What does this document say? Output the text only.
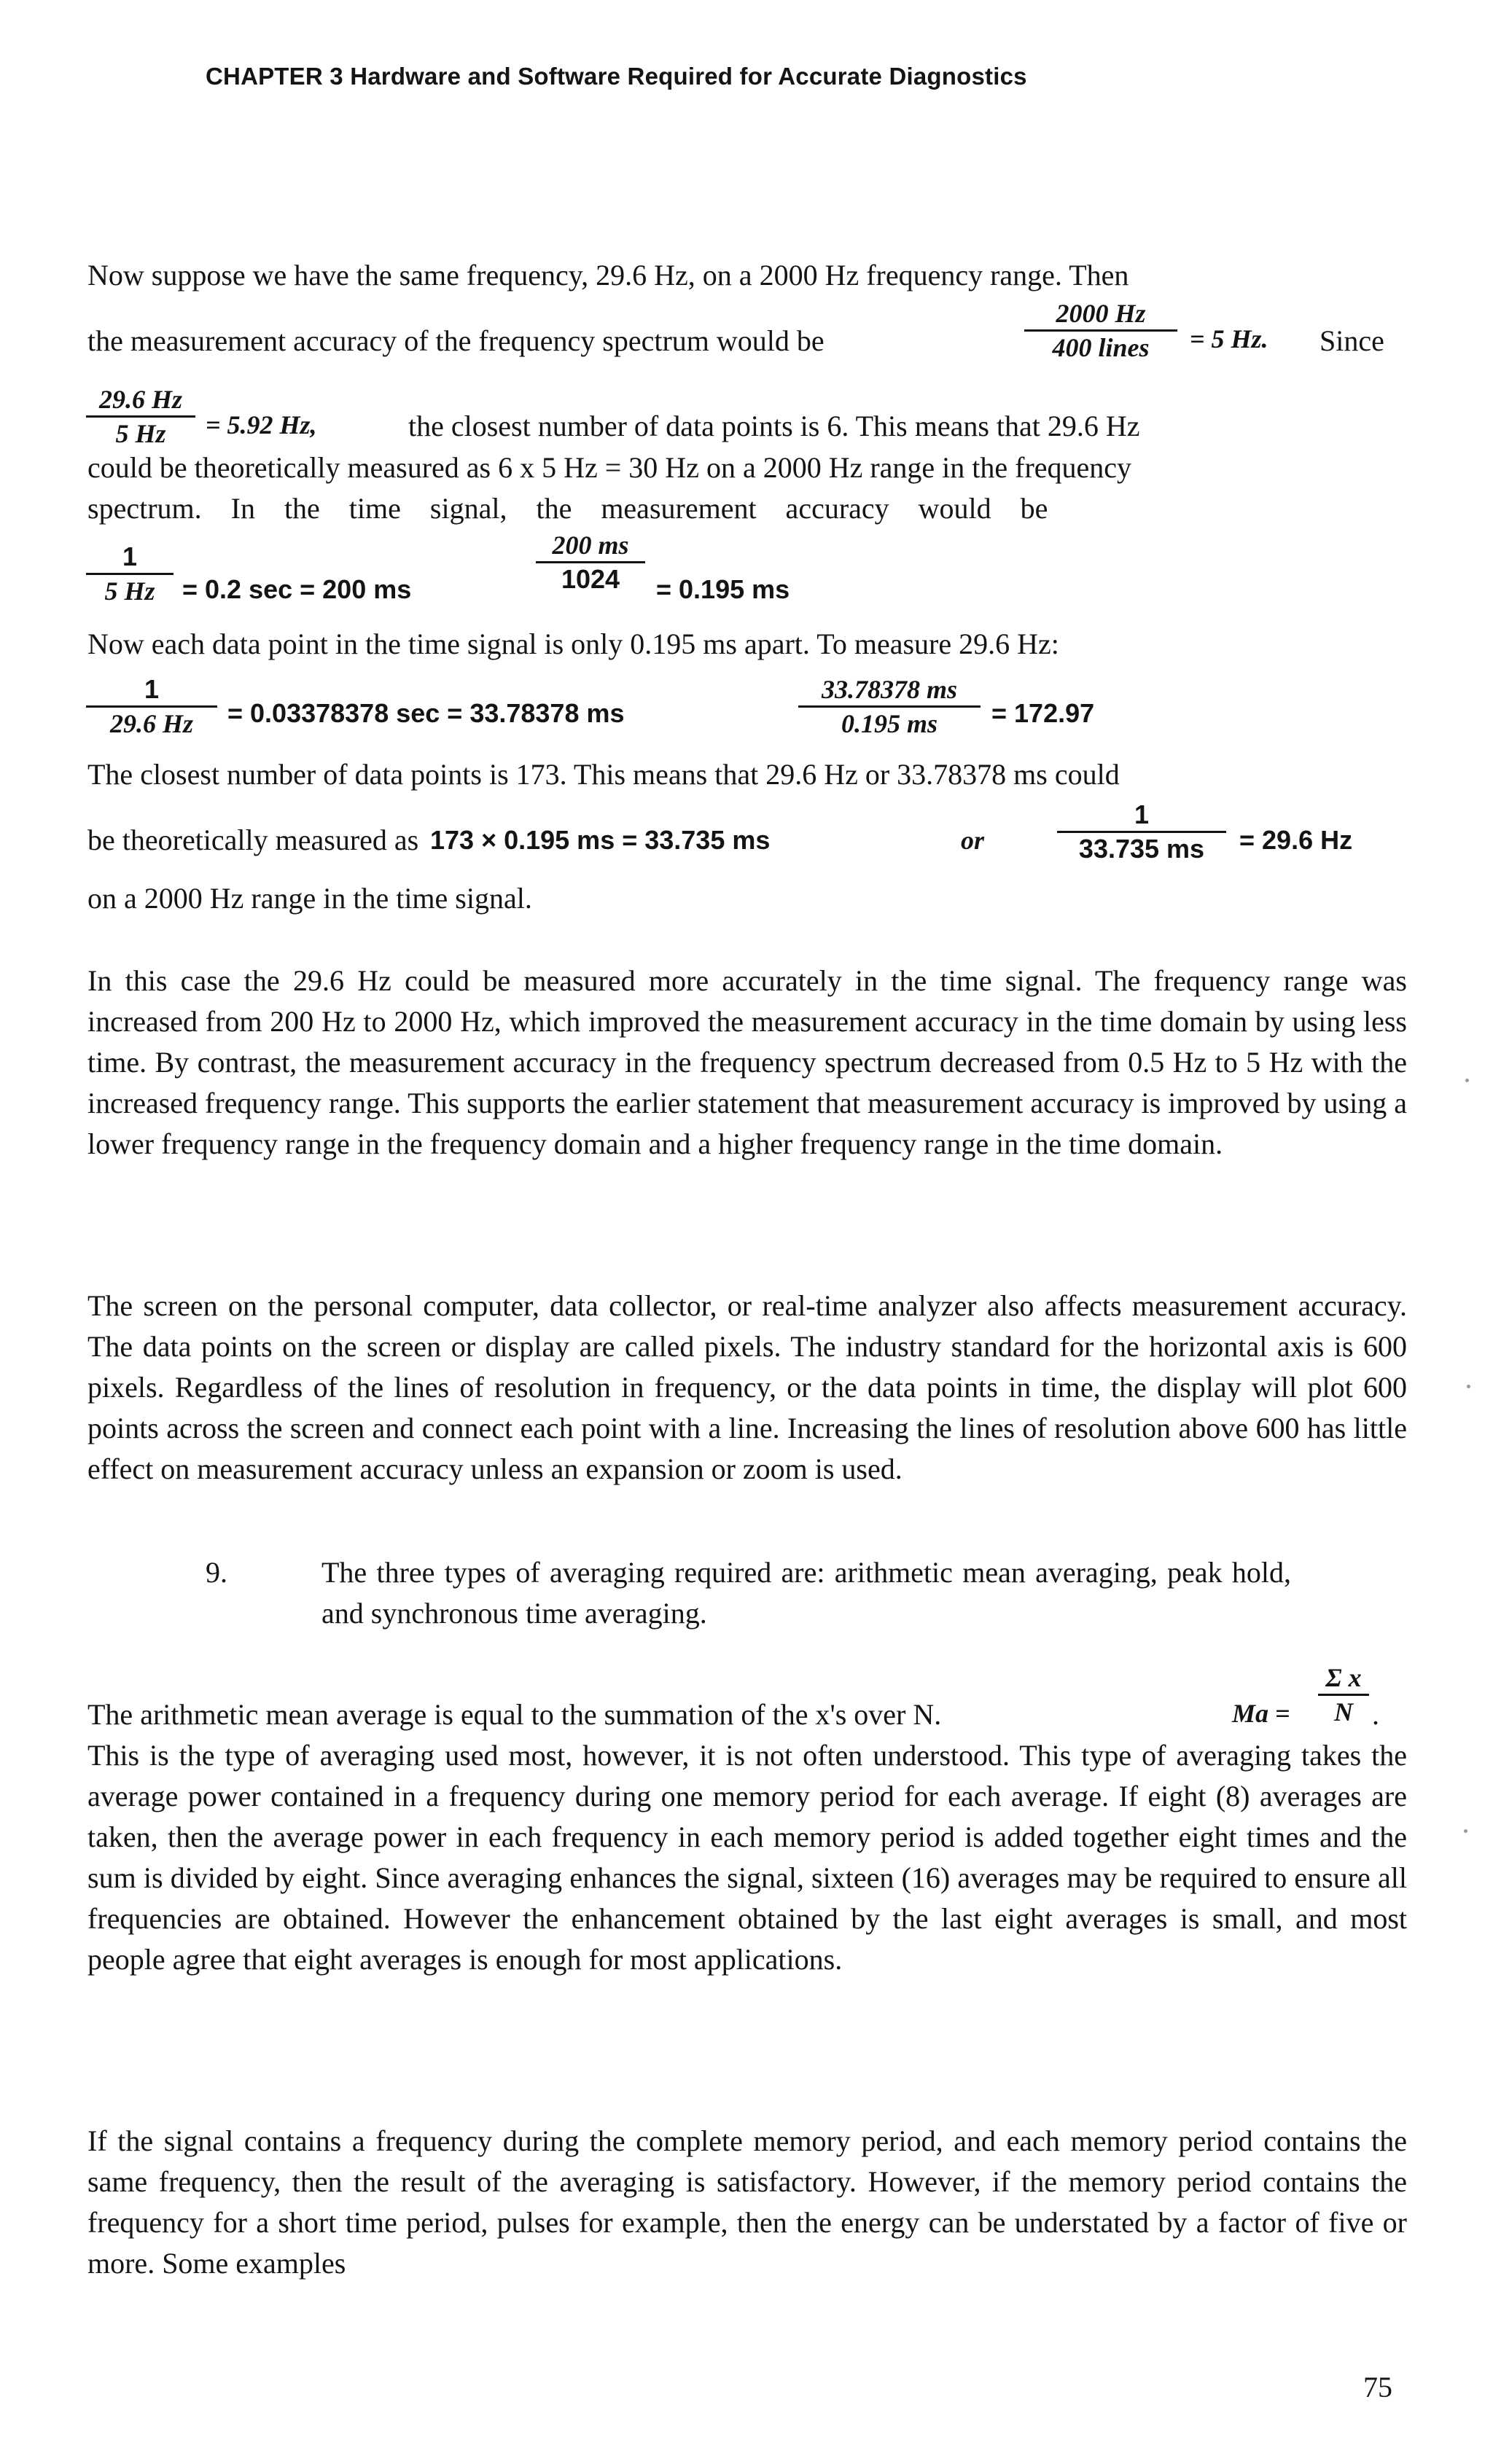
CHAPTER 3 Hardware and Software Required for Accurate Diagnostics
Now suppose we have the same frequency, 29.6 Hz, on a 2000 Hz frequency range. Then
the measurement accuracy of the frequency spectrum would be
2000 Hz
400 lines	= 5 Hz. Since
$\frac{29.6 Hz}{5 Hz} = 5.92$ Hz,	the closest number of data points is 6. This means that 29.6 Hz
could be theoretically measured as 6 x 5 Hz = 30 Hz on a 2000 Hz range in the frequency
spectrum.    In    the    time    signal,    the    measurement    accuracy    would    be
$\frac{1}{5 Hz} = 0.2$ sec = 200 ms	$\frac{200 ms}{1024} = 0.195$ ms
Now each data point in the time signal is only 0.195 ms apart. To measure 29.6 Hz:
$\frac{1}{29.6 Hz} = 0.03378378$ sec = 33.78378 ms	$\frac{33.78378 ms}{0.195 ms} = 172.97$
The closest number of data points is 173. This means that 29.6 Hz or 33.78378 ms could
be theoretically measured as 173 × 0.195 ms = 33.735 ms	or	$\frac{1}{33.735 ms} = 29.6$ Hz
on a 2000 Hz range in the time signal.
In this case the 29.6 Hz could be measured more accurately in the time signal. The frequency range was increased from 200 Hz to 2000 Hz, which improved the measurement accuracy in the time domain by using less time. By contrast, the measurement accuracy in the frequency spectrum decreased from 0.5 Hz to 5 Hz with the increased frequency range. This supports the earlier statement that measurement accuracy is improved by using a lower frequency range in the frequency domain and a higher frequency range in the time domain.
The screen on the personal computer, data collector, or real-time analyzer also affects measurement accuracy. The data points on the screen or display are called pixels. The industry standard for the horizontal axis is 600 pixels. Regardless of the lines of resolution in frequency, or the data points in time, the display will plot 600 points across the screen and connect each point with a line. Increasing the lines of resolution above 600 has little effect on measurement accuracy unless an expansion or zoom is used.
9.	The three types of averaging required are: arithmetic mean averaging, peak hold, and synchronous time averaging.
The arithmetic mean average is equal to the summation of the x's over N.	$Ma = \frac{\text{Σ x}}{N}$ .
This is the type of averaging used most, however, it is not often understood. This type of averaging takes the average power contained in a frequency during one memory period for each average. If eight (8) averages are taken, then the average power in each frequency in each memory period is added together eight times and the sum is divided by eight. Since averaging enhances the signal, sixteen (16) averages may be required to ensure all frequencies are obtained. However the enhancement obtained by the last eight averages is small, and most people agree that eight averages is enough for most applications.
If the signal contains a frequency during the complete memory period, and each memory period contains the same frequency, then the result of the averaging is satisfactory. However, if the memory period contains the frequency for a short time period, pulses for example, then the energy can be understated by a factor of five or more. Some examples
75
